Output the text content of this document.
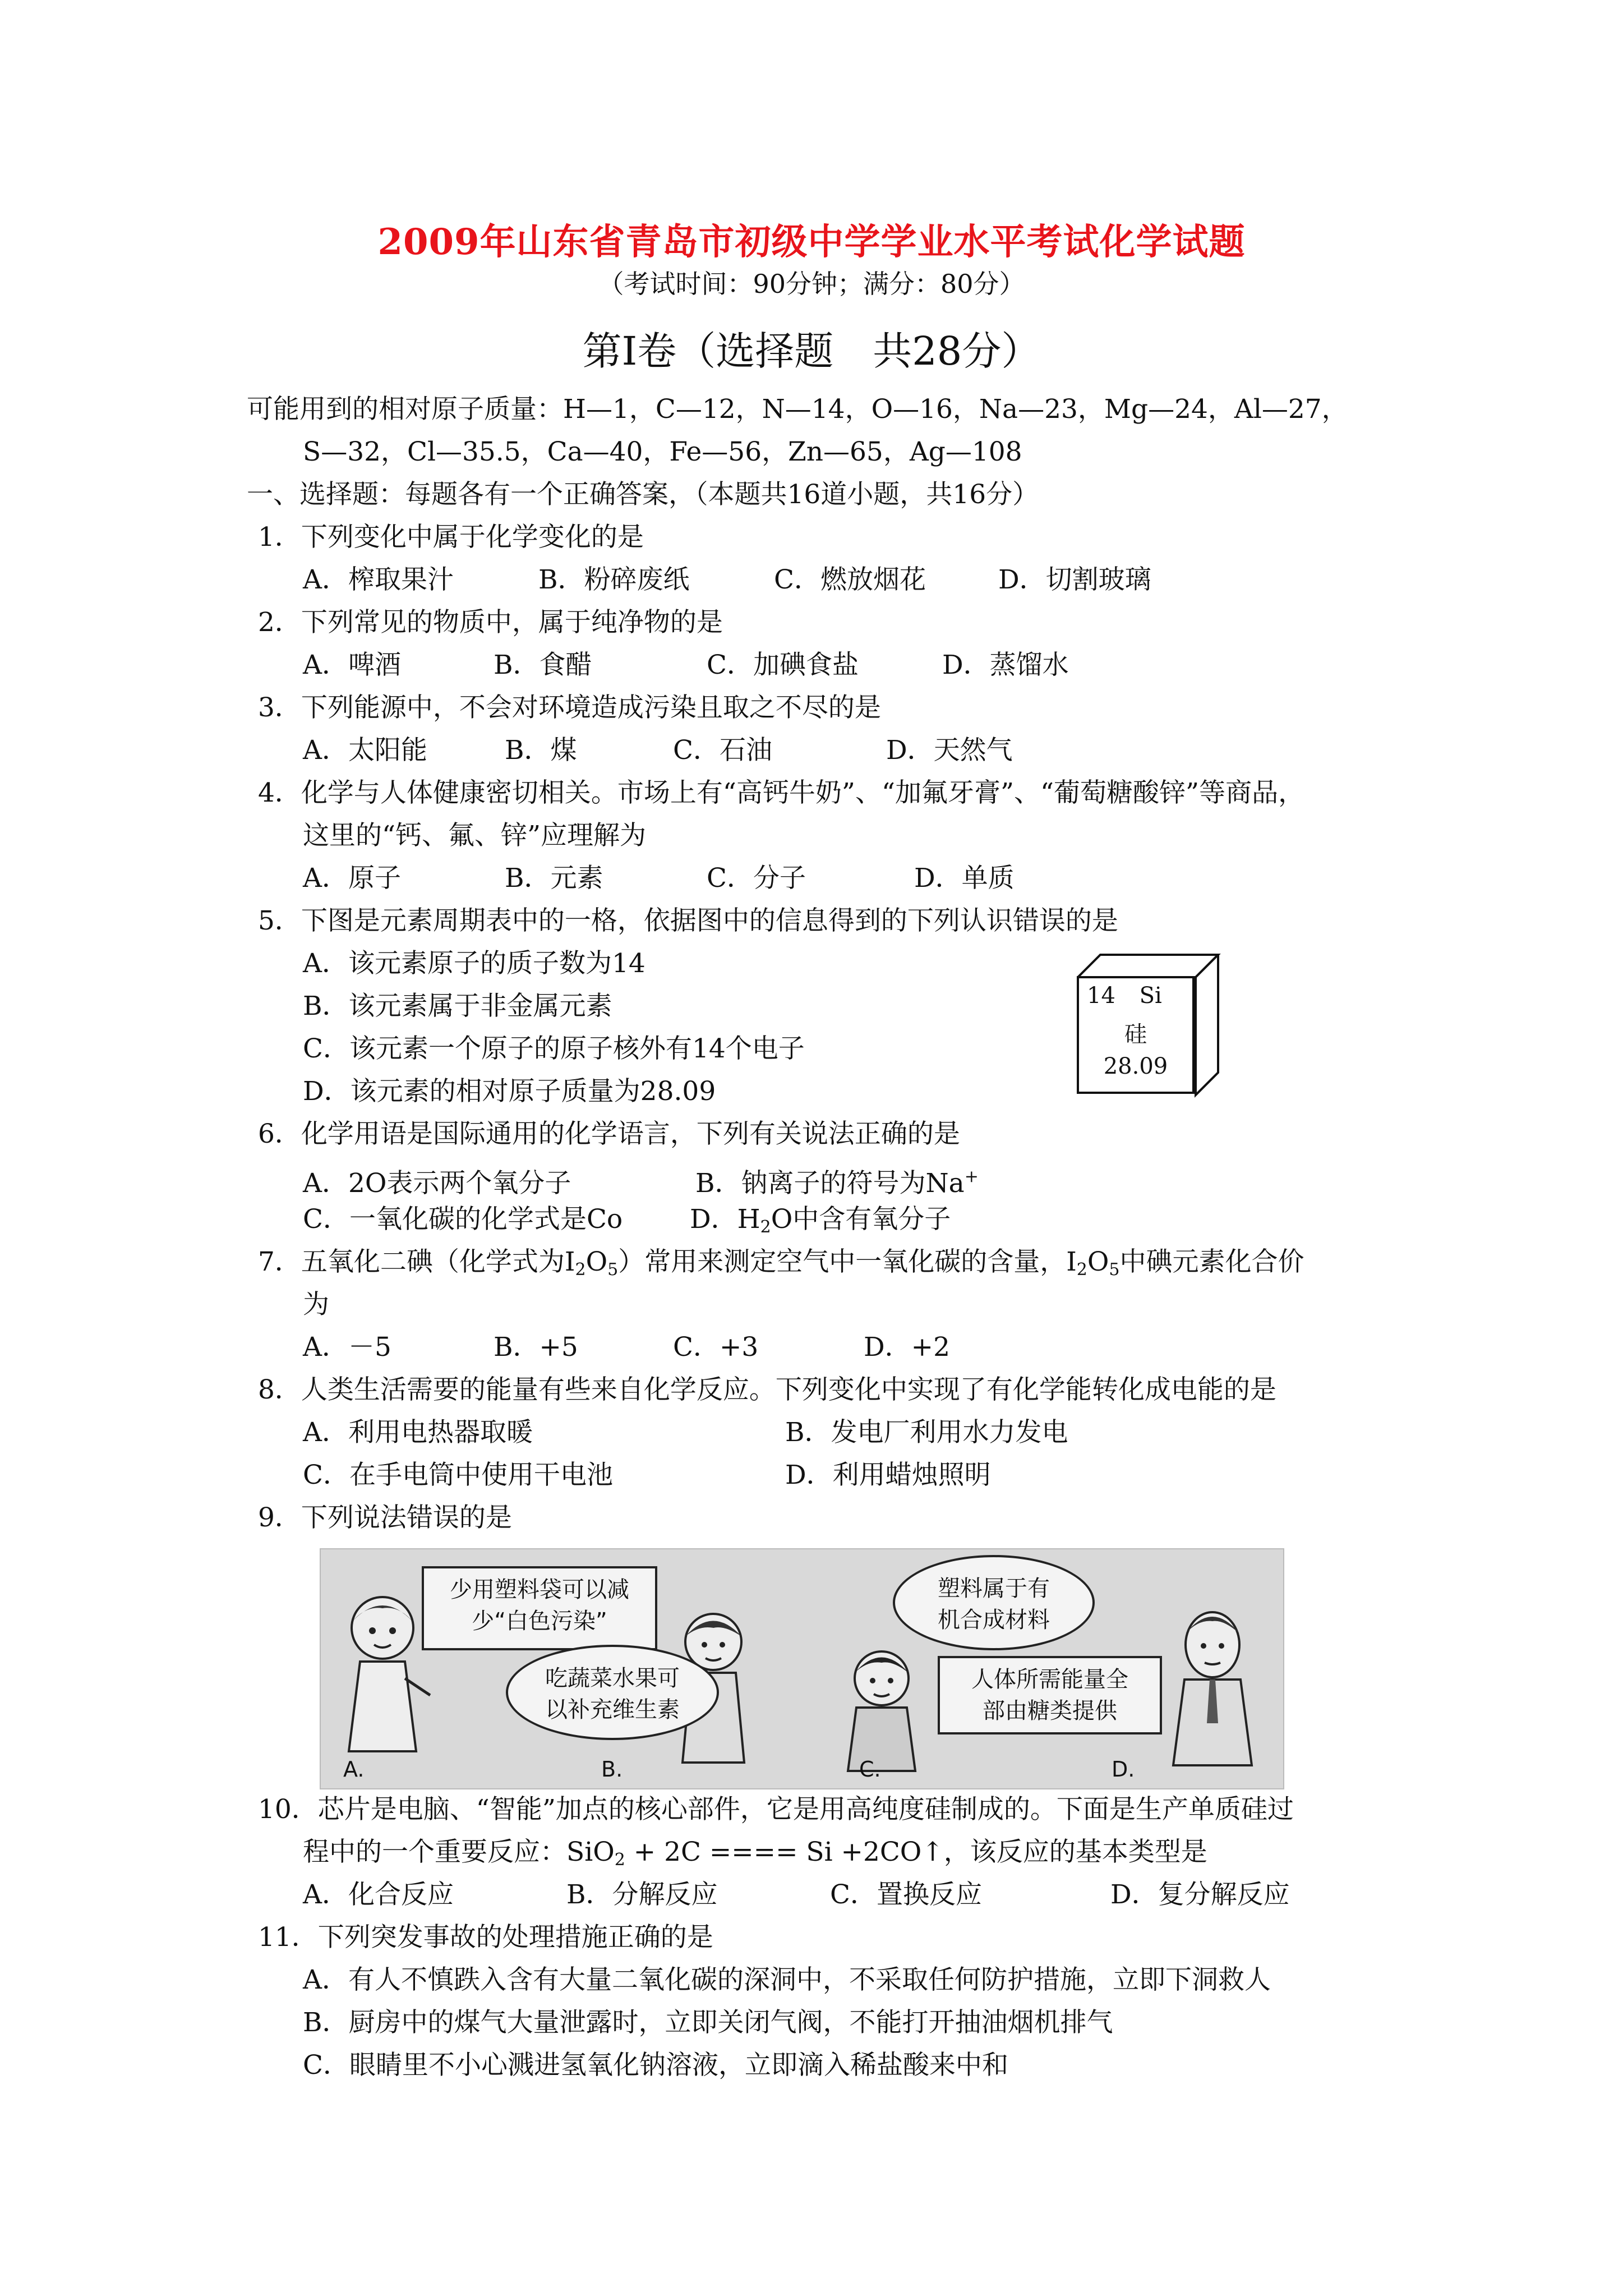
2009年山东省青岛市初级中学学业水平考试化学试题
（考试时间：90分钟；满分：80分）
第Ⅰ卷（选择题　共28分）
可能用到的相对原子质量：H—1，C—12，N—14，O—16，Na—23，Mg—24，Al—27，
S—32，Cl—35.5，Ca—40，Fe—56，Zn—65，Ag—108
一、选择题：每题各有一个正确答案，（本题共16道小题，共16分）
1．下列变化中属于化学变化的是
A．榨取果汁	B．粉碎废纸	C．燃放烟花	D．切割玻璃
2．下列常见的物质中，属于纯净物的是
A．啤酒	B．食醋	C．加碘食盐	D．蒸馏水
3．下列能源中，不会对环境造成污染且取之不尽的是
A．太阳能	B．煤	C．石油	D．天然气
4．化学与人体健康密切相关。市场上有“高钙牛奶”、“加氟牙膏”、“葡萄糖酸锌”等商品，
这里的“钙、氟、锌”应理解为
A．原子	B．元素	C．分子	D．单质
5．下图是元素周期表中的一格，依据图中的信息得到的下列认识错误的是
A．该元素原子的质子数为14
B．该元素属于非金属元素
C．该元素一个原子的原子核外有14个电子
D．该元素的相对原子质量为28.09
14 Si
硅
28.09
6．化学用语是国际通用的化学语言，下列有关说法正确的是
A．2O表示两个氧分子	B．钠离子的符号为Na+
C．一氧化碳的化学式是Co	D．$H_2O$中含有氧分子
7．五氧化二碘（化学式为$I_2O_5$）常用来测定空气中一氧化碳的含量，$I_2O_5$中碘元素化合价
为
A．－5	B．+5	C．+3	D．+2
8．人类生活需要的能量有些来自化学反应。下列变化中实现了有化学能转化成电能的是
A．利用电热器取暖	B．发电厂利用水力发电
C．在手电筒中使用干电池	D．利用蜡烛照明
9．下列说法错误的是
少用塑料袋可以减
少“白色污染”
吃蔬菜水果可
以补充维生素
塑料属于有
机合成材料
人体所需能量全
部由糖类提供
A.	B.	C.	D.
10．芯片是电脑、“智能”加点的核心部件，它是用高纯度硅制成的。下面是生产单质硅过
程中的一个重要反应：SiO$_2$ + 2C ==== Si +2CO↑，该反应的基本类型是
A．化合反应	B．分解反应	C．置换反应	D．复分解反应
11．下列突发事故的处理措施正确的是
A．有人不慎跌入含有大量二氧化碳的深洞中，不采取任何防护措施，立即下洞救人
B．厨房中的煤气大量泄露时，立即关闭气阀，不能打开抽油烟机排气
C．眼睛里不小心溅进氢氧化钠溶液，立即滴入稀盐酸来中和
